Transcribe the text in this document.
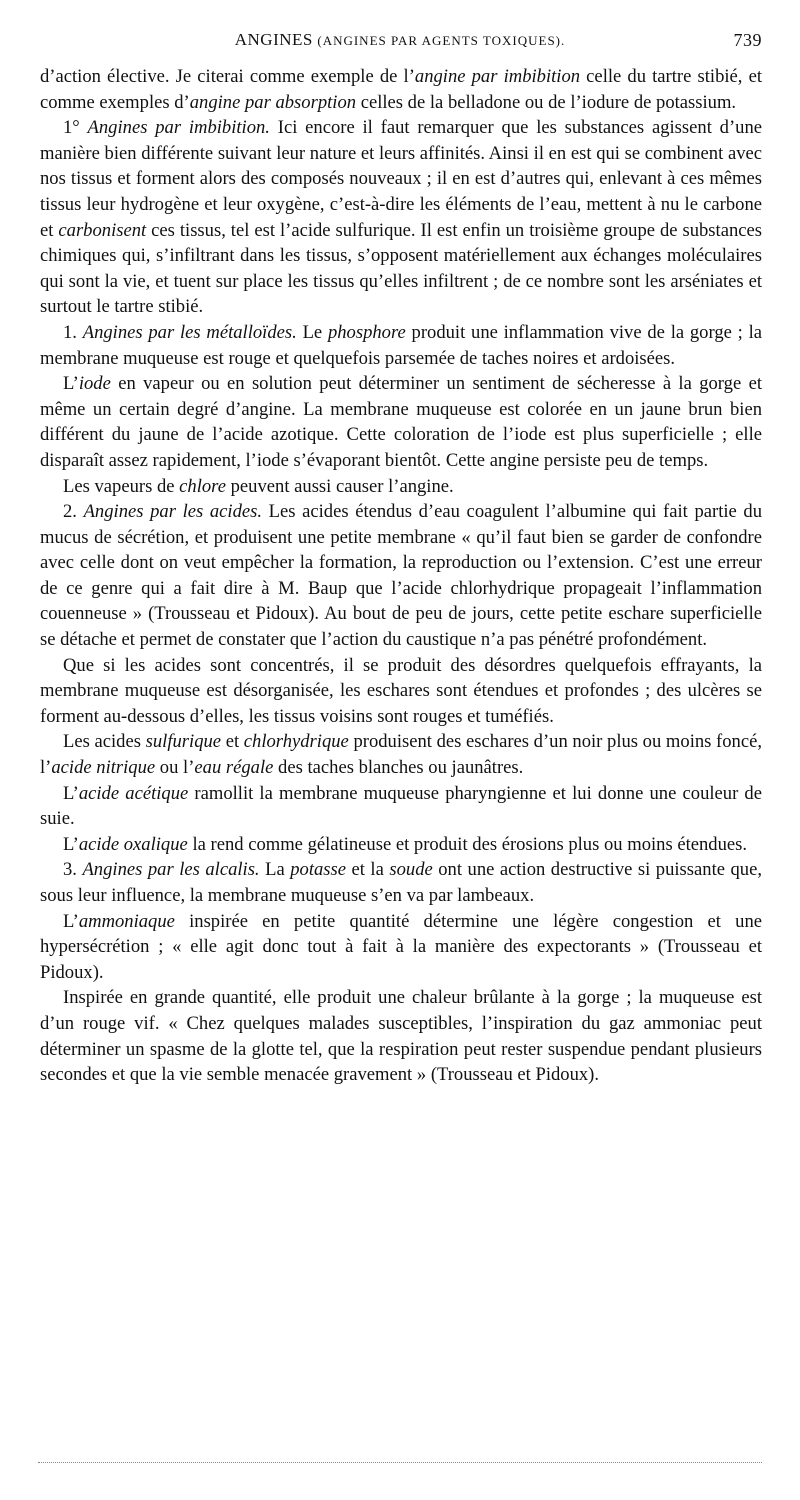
ANGINES (ANGINES PAR AGENTS TOXIQUES).	739

d’action élective. Je citerai comme exemple de l’angine par imbibition celle du tartre stibié, et comme exemples d’angine par absorption celles de la belladone ou de l’iodure de potassium.

1° Angines par imbibition. Ici encore il faut remarquer que les substances agissent d’une manière bien différente suivant leur nature et leurs affinités. Ainsi il en est qui se combinent avec nos tissus et forment alors des composés nouveaux ; il en est d’autres qui, enlevant à ces mêmes tissus leur hydrogène et leur oxygène, c’est-à-dire les éléments de l’eau, mettent à nu le carbone et carbonisent ces tissus, tel est l’acide sulfurique. Il est enfin un troisième groupe de substances chimiques qui, s’infiltrant dans les tissus, s’opposent matériellement aux échanges moléculaires qui sont la vie, et tuent sur place les tissus qu’elles infiltrent ; de ce nombre sont les arséniates et surtout le tartre stibié.

1. Angines par les métalloïdes. Le phosphore produit une inflammation vive de la gorge ; la membrane muqueuse est rouge et quelquefois parsemée de taches noires et ardoisées.

L’iode en vapeur ou en solution peut déterminer un sentiment de sécheresse à la gorge et même un certain degré d’angine. La membrane muqueuse est colorée en un jaune brun bien différent du jaune de l’acide azotique. Cette coloration de l’iode est plus superficielle ; elle disparaît assez rapidement, l’iode s’évaporant bientôt. Cette angine persiste peu de temps.

Les vapeurs de chlore peuvent aussi causer l’angine.

2. Angines par les acides. Les acides étendus d’eau coagulent l’albumine qui fait partie du mucus de sécrétion, et produisent une petite membrane « qu’il faut bien se garder de confondre avec celle dont on veut empêcher la formation, la reproduction ou l’extension. C’est une erreur de ce genre qui a fait dire à M. Baup que l’acide chlorhydrique propageait l’inflammation couenneuse » (Trousseau et Pidoux). Au bout de peu de jours, cette petite eschare superficielle se détache et permet de constater que l’action du caustique n’a pas pénétré profondément.

Que si les acides sont concentrés, il se produit des désordres quelquefois effrayants, la membrane muqueuse est désorganisée, les eschares sont étendues et profondes ; des ulcères se forment au-dessous d’elles, les tissus voisins sont rouges et tuméfiés.

Les acides sulfurique et chlorhydrique produisent des eschares d’un noir plus ou moins foncé, l’acide nitrique ou l’eau régale des taches blanches ou jaunâtres.

L’acide acétique ramollit la membrane muqueuse pharyngienne et lui donne une couleur de suie.

L’acide oxalique la rend comme gélatineuse et produit des érosions plus ou moins étendues.

3. Angines par les alcalis. La potasse et la soude ont une action destructive si puissante que, sous leur influence, la membrane muqueuse s’en va par lambeaux.

L’ammoniaque inspirée en petite quantité détermine une légère congestion et une hypersécrétion ; « elle agit donc tout à fait à la manière des expectorants » (Trousseau et Pidoux).

Inspirée en grande quantité, elle produit une chaleur brûlante à la gorge ; la muqueuse est d’un rouge vif. « Chez quelques malades susceptibles, l’inspiration du gaz ammoniac peut déterminer un spasme de la glotte tel, que la respiration peut rester suspendue pendant plusieurs secondes et que la vie semble menacée gravement » (Trousseau et Pidoux).
